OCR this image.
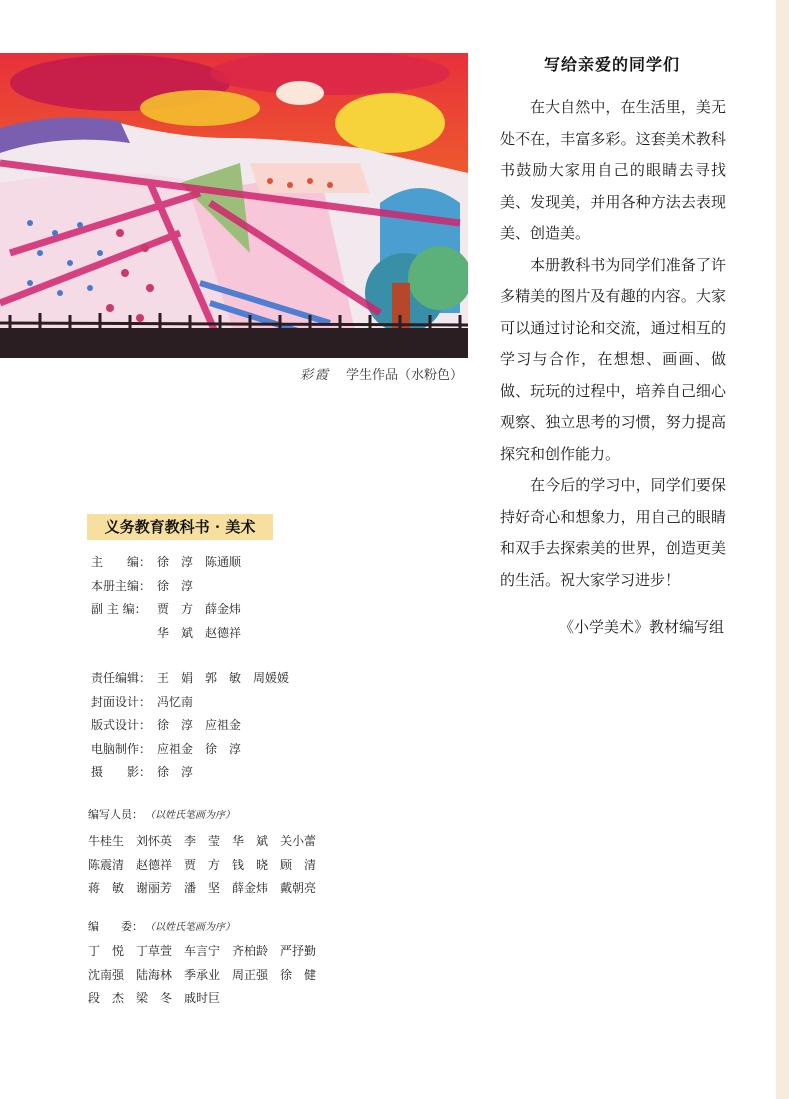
彩霞 学生作品（水粉色）
写给亲爱的同学们

在大自然中，在生活里，美无处不在，丰富多彩。这套美术教科书鼓励大家用自己的眼睛去寻找美、发现美，并用各种方法去表现美、创造美。

本册教科书为同学们准备了许多精美的图片及有趣的内容。大家可以通过讨论和交流，通过相互的学习与合作，在想想、画画、做做、玩玩的过程中，培养自己细心观察、独立思考的习惯，努力提高探究和创作能力。

在今后的学习中，同学们要保持好奇心和想象力，用自己的眼睛和双手去探索美的世界，创造更美的生活。祝大家学习进步！

《小学美术》教材编写组
义务教育教科书 · 美术
主　　编： 徐　淳　陈通顺
本册主编： 徐　淳
副 主 编： 贾　方　薛金炜
华　斌　赵德祥
责任编辑： 王　娟　郭　敏　周媛媛
封面设计： 冯忆南
版式设计： 徐　淳　应祖金
电脑制作： 应祖金　徐　淳
摄　　影： 徐　淳
编写人员： （以姓氏笔画为序）
牛桂生 刘怀英 李　莹 华　斌 关小蕾
陈震清 赵德祥 贾　方 钱　晓 顾　清
蒋　敏 谢丽芳 潘　坚 薛金炜 戴朝亮
编　　委： （以姓氏笔画为序）
丁　悦 丁草萱 车言宁 齐柏龄 严抒勤
沈南强 陆海林 季承业 周正强 徐　健
段　杰 梁　冬 戚时巨
